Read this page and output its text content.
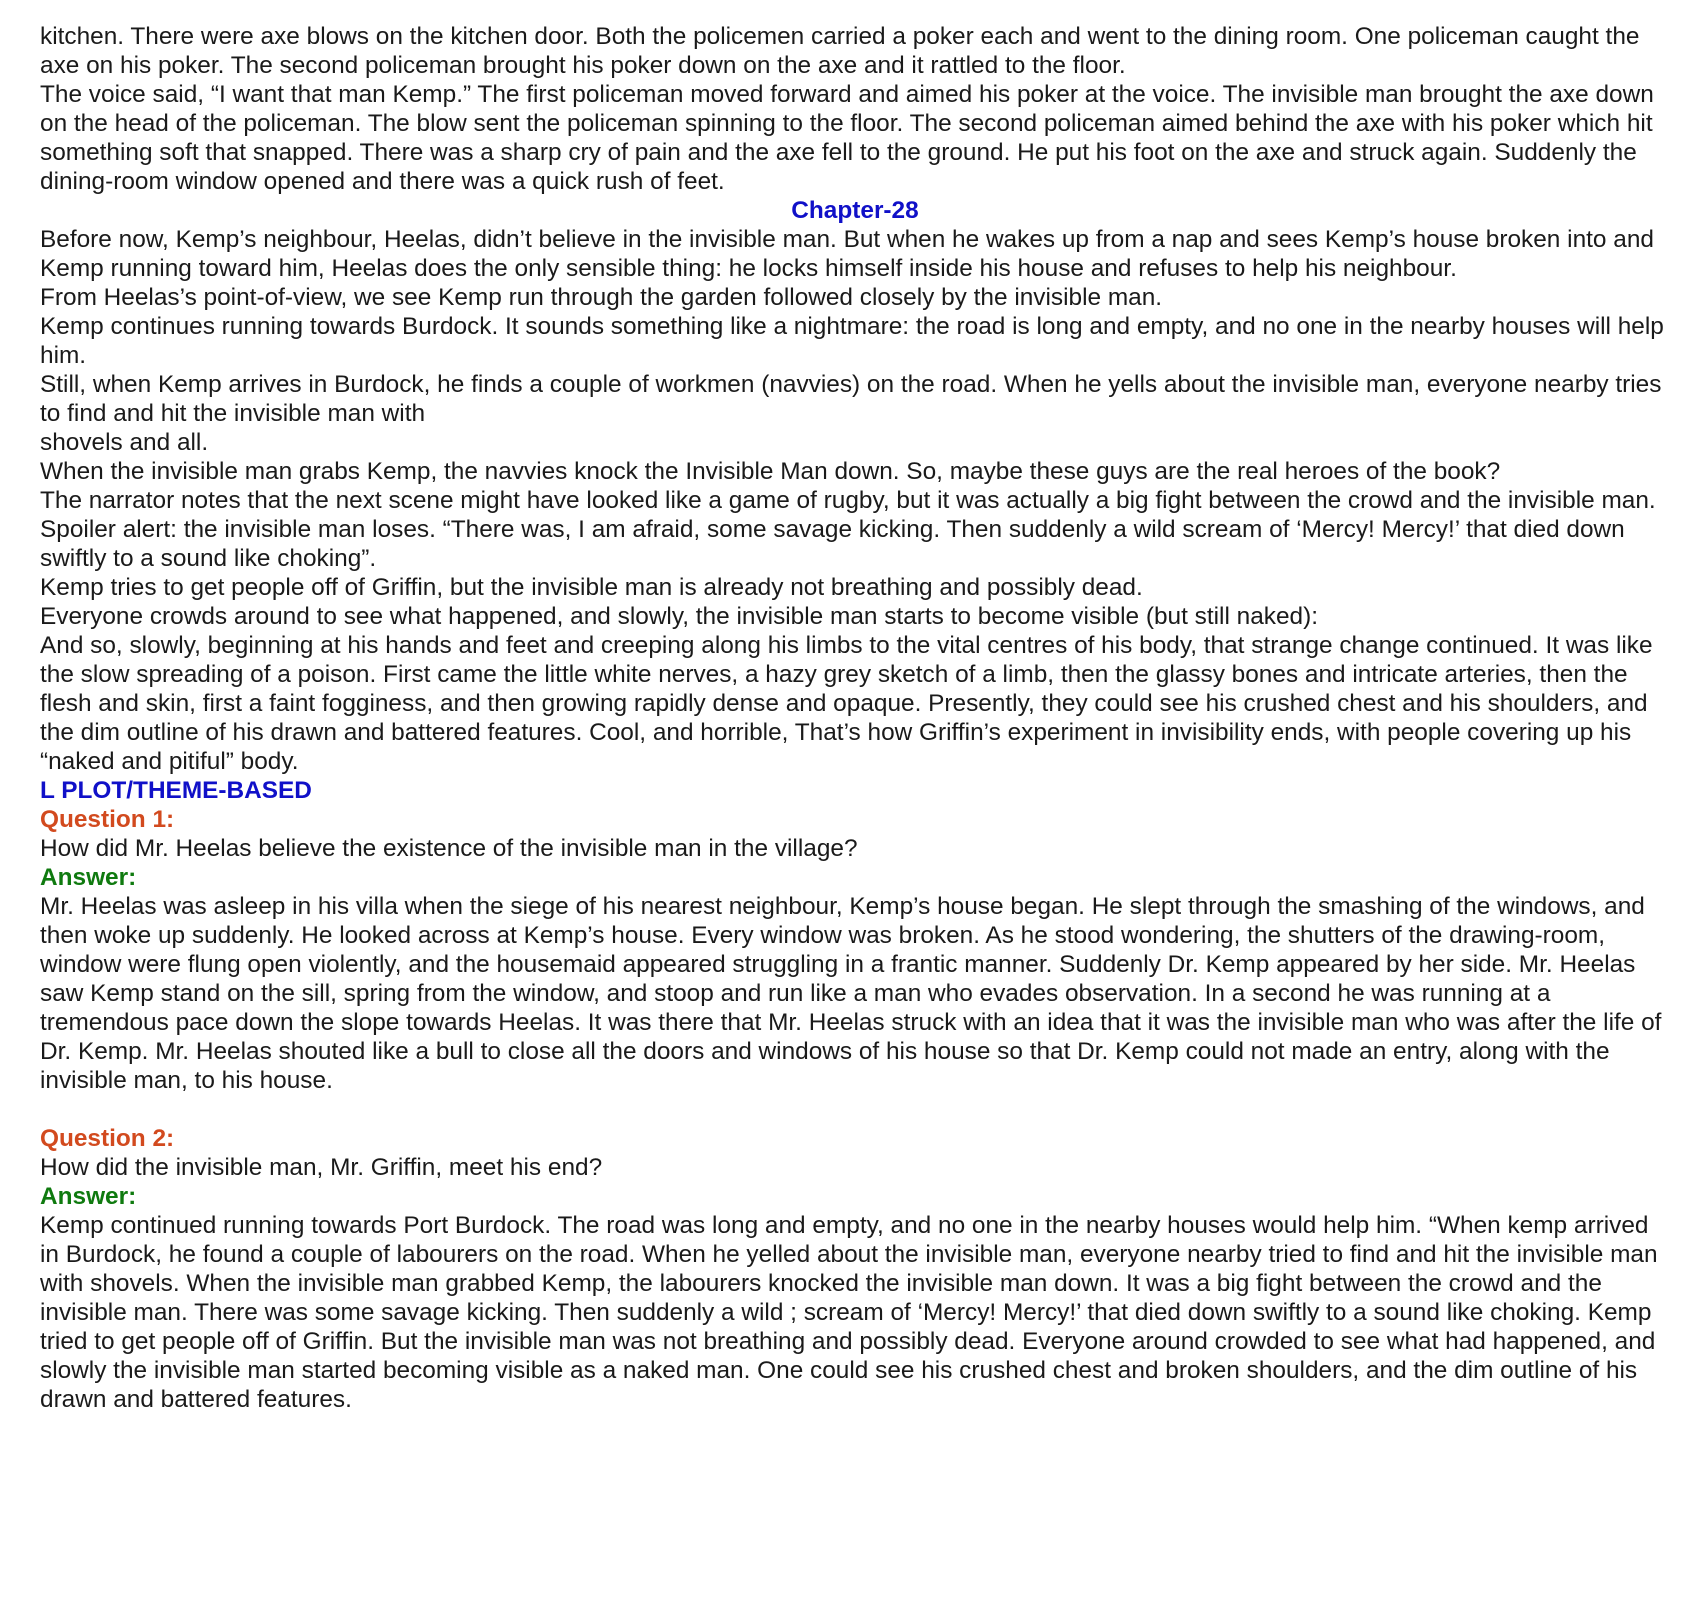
kitchen. There were axe blows on the kitchen door. Both the policemen carried a poker each and went to the dining room. One policeman caught the axe on his poker. The second policeman brought his poker down on the axe and it rattled to the floor.

The voice said, “I want that man Kemp.” The first policeman moved forward and aimed his poker at the voice. The invisible man brought the axe down on the head of the policeman. The blow sent the policeman spinning to the floor. The second policeman aimed behind the axe with his poker which hit something soft that snapped. There was a sharp cry of pain and the axe fell to the ground. He put his foot on the axe and struck again. Suddenly the dining-room window opened and there was a quick rush of feet.

Chapter-28

Before now, Kemp’s neighbour, Heelas, didn’t believe in the invisible man. But when he wakes up from a nap and sees Kemp’s house broken into and Kemp running toward him, Heelas does the only sensible thing: he locks himself inside his house and refuses to help his neighbour.

From Heelas’s point-of-view, we see Kemp run through the garden followed closely by the invisible man.

Kemp continues running towards Burdock. It sounds something like a nightmare: the road is long and empty, and no one in the nearby houses will help him.

Still, when Kemp arrives in Burdock, he finds a couple of workmen (navvies) on the road. When he yells about the invisible man, everyone nearby tries to find and hit the invisible man with

shovels and all.

When the invisible man grabs Kemp, the navvies knock the Invisible Man down. So, maybe these guys are the real heroes of the book?

The narrator notes that the next scene might have looked like a game of rugby, but it was actually a big fight between the crowd and the invisible man.

Spoiler alert: the invisible man loses. “There was, I am afraid, some savage kicking. Then suddenly a wild scream of ‘Mercy! Mercy!’ that died down swiftly to a sound like choking”.

Kemp tries to get people off of Griffin, but the invisible man is already not breathing and possibly dead.

Everyone crowds around to see what happened, and slowly, the invisible man starts to become visible (but still naked):

And so, slowly, beginning at his hands and feet and creeping along his limbs to the vital centres of his body, that strange change continued. It was like the slow spreading of a poison. First came the little white nerves, a hazy grey sketch of a limb, then the glassy bones and intricate arteries, then the flesh and skin, first a faint fogginess, and then growing rapidly dense and opaque. Presently, they could see his crushed chest and his shoulders, and the dim outline of his drawn and battered features. Cool, and horrible, That’s how Griffin’s experiment in invisibility ends, with people covering up his “naked and pitiful” body.

L PLOT/THEME-BASED

Question 1:

How did Mr. Heelas believe the existence of the invisible man in the village?

Answer:

Mr. Heelas was asleep in his villa when the siege of his nearest neighbour, Kemp’s house began. He slept through the smashing of the windows, and then woke up suddenly. He looked across at Kemp’s house. Every window was broken. As he stood wondering, the shutters of the drawing-room, window were flung open violently, and the housemaid appeared struggling in a frantic manner. Suddenly Dr. Kemp appeared by her side. Mr. Heelas saw Kemp stand on the sill, spring from the window, and stoop and run like a man who evades observation. In a second he was running at a tremendous pace down the slope towards Heelas. It was there that Mr. Heelas struck with an idea that it was the invisible man who was after the life of Dr. Kemp. Mr. Heelas shouted like a bull to close all the doors and windows of his house so that Dr. Kemp could not made an entry, along with the invisible man, to his house.

Question 2:

How did the invisible man, Mr. Griffin, meet his end?

Answer:

Kemp continued running towards Port Burdock. The road was long and empty, and no one in the nearby houses would help him. “When kemp arrived in Burdock, he found a couple of labourers on the road. When he yelled about the invisible man, everyone nearby tried to find and hit the invisible man with shovels. When the invisible man grabbed Kemp, the labourers knocked the invisible man down. It was a big fight between the crowd and the invisible man. There was some savage kicking. Then suddenly a wild ; scream of ‘Mercy! Mercy!’ that died down swiftly to a sound like choking. Kemp tried to get people off of Griffin. But the invisible man was not breathing and possibly dead. Everyone around crowded to see what had happened, and slowly the invisible man started becoming visible as a naked man. One could see his crushed chest and broken shoulders, and the dim outline of his drawn and battered features.
